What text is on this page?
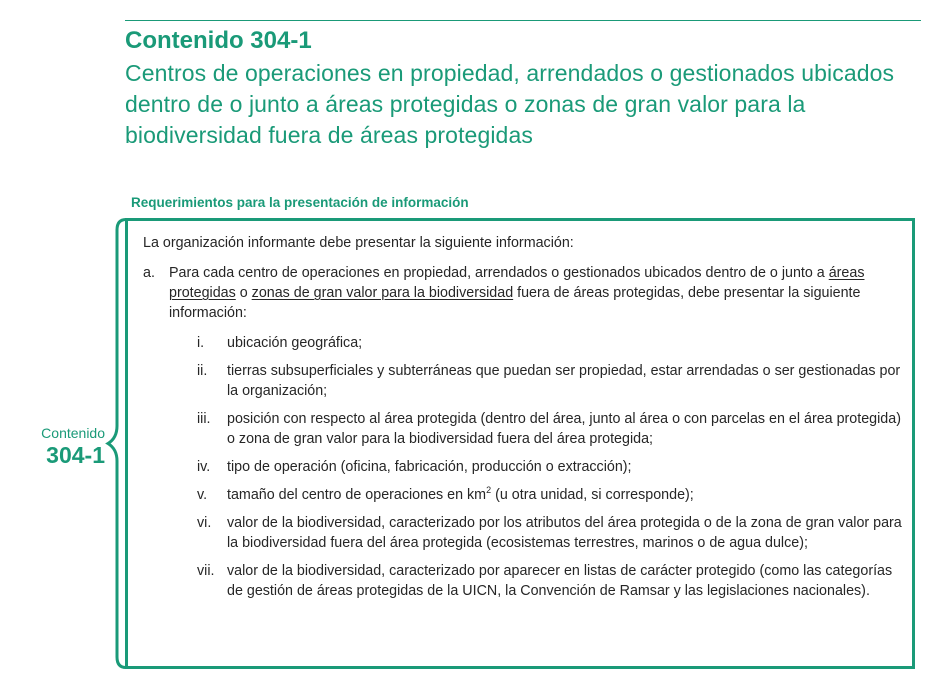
Contenido 304-1

Centros de operaciones en propiedad, arrendados o gestionados ubicados dentro de o junto a áreas protegidas o zonas de gran valor para la biodiversidad fuera de áreas protegidas

Requerimientos para la presentación de información
Contenido
304-1

La organización informante debe presentar la siguiente información:

a. Para cada centro de operaciones en propiedad, arrendados o gestionados ubicados dentro de o junto a áreas protegidas o zonas de gran valor para la biodiversidad fuera de áreas protegidas, debe presentar la siguiente información:
i.	ubicación geográfica;
ii.	tierras subsuperficiales y subterráneas que puedan ser propiedad, estar arrendadas o ser gestionadas por la organización;
iii.	posición con respecto al área protegida (dentro del área, junto al área o con parcelas en el área protegida) o zona de gran valor para la biodiversidad fuera del área protegida;
iv.	tipo de operación (oficina, fabricación, producción o extracción);
v.	tamaño del centro de operaciones en $km^2$ (u otra unidad, si corresponde);
vi.	valor de la biodiversidad, caracterizado por los atributos del área protegida o de la zona de gran valor para la biodiversidad fuera del área protegida (ecosistemas terrestres, marinos o de agua dulce);
vii. valor de la biodiversidad, caracterizado por aparecer en listas de carácter protegido (como las categorías de gestión de áreas protegidas de la UICN, la Convención de Ramsar y las legislaciones nacionales).
